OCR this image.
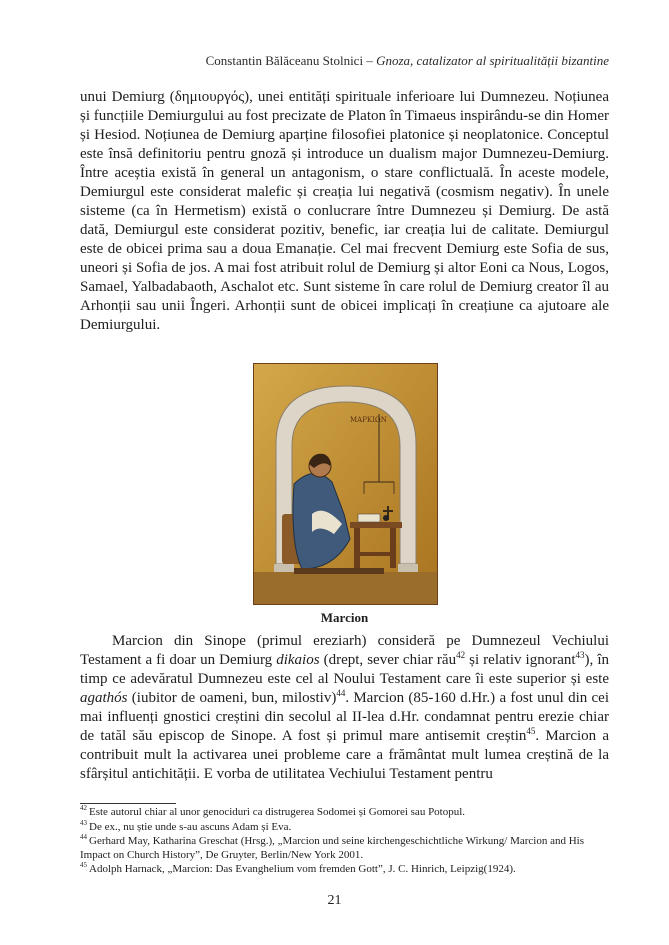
Constantin Bălăceanu Stolnici – Gnoza, catalizator al spiritualității bizantine

unui Demiurg (δημιουργός), unei entități spirituale inferioare lui Dumnezeu. Noțiunea și funcțiile Demiurgului au fost precizate de Platon în Timaeus inspirându-se din Homer și Hesiod. Noțiunea de Demiurg aparține filosofiei platonice și neoplatonice. Conceptul este însă definitoriu pentru gnoză și introduce un dualism major Dumnezeu-Demiurg. Între aceștia există în general un antagonism, o stare conflictuală. În aceste modele, Demiurgul este considerat malefic și creația lui negativă (cosmism negativ). În unele sisteme (ca în Hermetism) există o conlucrare între Dumnezeu și Demiurg. De astă dată, Demiurgul este considerat pozitiv, benefic, iar creația lui de calitate. Demiurgul este de obicei prima sau a doua Emanație. Cel mai frecvent Demiurg este Sofia de sus, uneori și Sofia de jos. A mai fost atribuit rolul de Demiurg și altor Eoni ca Nous, Logos, Samael, Yalbadabaoth, Aschalot etc. Sunt sisteme în care rolul de Demiurg creator îl au Arhonții sau unii Îngeri. Arhonții sunt de obicei implicați în creațiune ca ajutoare ale Demiurgului.

ΜΑΡΚΙΩΝ
Marcion

Marcion din Sinope (primul ereziarh) consideră pe Dumnezeul Vechiului Testament a fi doar un Demiurg dikaios (drept, sever chiar rău$^{42}$ și relativ ignorant$^{43}$), în timp ce adevăratul Dumnezeu este cel al Noului Testament care îi este superior și este agathós (iubitor de oameni, bun, milostiv)$^{44}$. Marcion (85-160 d.Hr.) a fost unul din cei mai influenți gnostici creștini din secolul al II-lea d.Hr. condamnat pentru erezie chiar de tatăl său episcop de Sinope. A fost și primul mare antisemit creștin$^{45}$. Marcion a contribuit mult la activarea unei probleme care a frământat mult lumea creștină de la sfârșitul antichității. E vorba de utilitatea Vechiului Testament pentru

$^{42}$ Este autorul chiar al unor genociduri ca distrugerea Sodomei și Gomorei sau Potopul.
$^{43}$ De ex., nu știe unde s-au ascuns Adam și Eva.
$^{44}$ Gerhard May, Katharina Greschat (Hrsg.), „Marcion und seine kirchengeschichtliche Wirkung/ Marcion and His Impact on Church History”, De Gruyter, Berlin/New York 2001.
$^{45}$ Adolph Harnack, „Marcion: Das Evanghelium vom fremden Gott”, J. C. Hinrich, Leipzig(1924).
21
